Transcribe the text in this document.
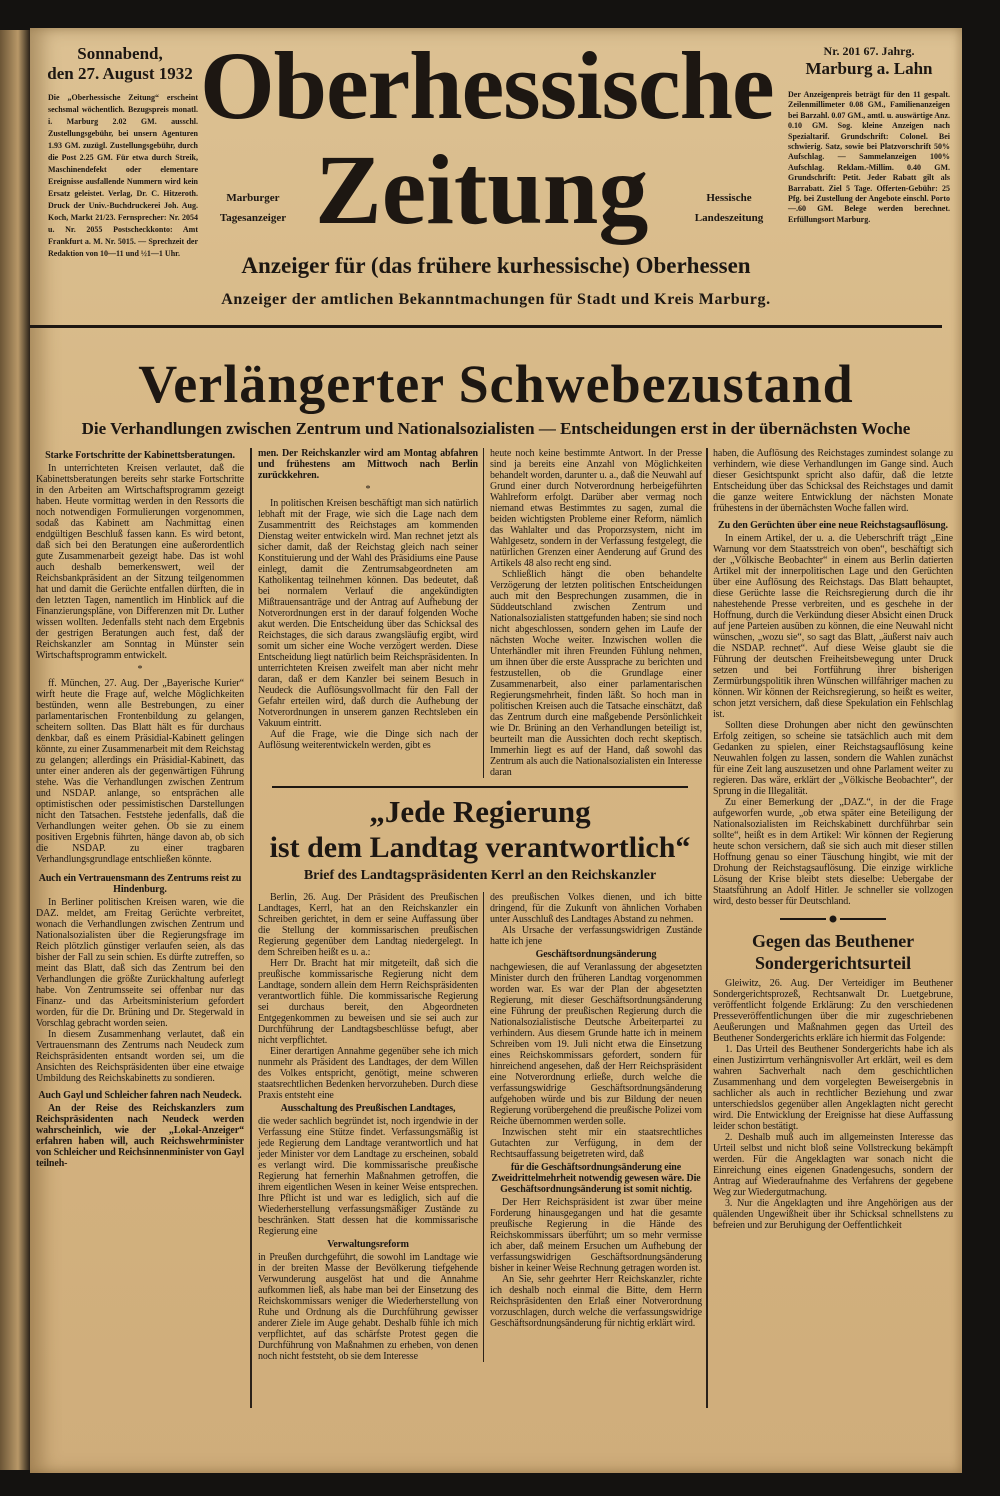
Sonnabend,
den 27. August 1932
Die „Oberhessische Zeitung“ erscheint sechsmal wöchentlich. Bezugspreis monatl. i. Marburg 2.02 GM. ausschl. Zustellungsgebühr, bei unsern Agenturen 1.93 GM. zuzügl. Zustellungsgebühr, durch die Post 2.25 GM. Für etwa durch Streik, Maschinendefekt oder elementare Ereignisse ausfallende Nummern wird kein Ersatz geleistet. Verlag, Dr. C. Hitzeroth. Druck der Univ.-Buchdruckerei Joh. Aug. Koch, Markt 21/23. Fernsprecher: Nr. 2054 u. Nr. 2055 Postscheckkonto: Amt Frankfurt a. M. Nr. 5015. — Sprechzeit der Redaktion von 10—11 und ½1—1 Uhr.
Oberhessische
Zeitung
Marburger
Tagesanzeiger
Hessische
Landeszeitung
Nr. 201 67. Jahrg.
Marburg a. Lahn
Der Anzeigenpreis beträgt für den 11 gespalt. Zeilenmillimeter 0.08 GM., Familienanzeigen bei Barzahl. 0.07 GM., amtl. u. auswärtige Anz. 0.10 GM. Sog. kleine Anzeigen nach Spezialtarif. Grundschrift: Colonel. Bei schwierig. Satz, sowie bei Platzvorschrift 50% Aufschlag. — Sammelanzeigen 100% Aufschlag. Reklam.-Millim. 0.40 GM. Grundschrift: Petit. Jeder Rabatt gilt als Barrabatt. Ziel 5 Tage. Offerten-Gebühr: 25 Pfg. bei Zustellung der Angebote einschl. Porto —.60 GM. Belege werden berechnet. Erfüllungsort Marburg.
Anzeiger für (das frühere kurhessische) Oberhessen
Anzeiger der amtlichen Bekanntmachungen für Stadt und Kreis Marburg.
Verlängerter Schwebezustand
Die Verhandlungen zwischen Zentrum und Nationalsozialisten — Entscheidungen erst in der übernächsten Woche
Starke Fortschritte der Kabinettsberatungen.

In unterrichteten Kreisen verlautet, daß die Kabinettsberatungen bereits sehr starke Fortschritte in den Arbeiten am Wirtschaftsprogramm gezeigt haben. Heute vormittag werden in den Ressorts die noch notwendigen Formulierungen vorgenommen, sodaß das Kabinett am Nachmittag einen endgültigen Beschluß fassen kann. Es wird betont, daß sich bei den Beratungen eine außerordentlich gute Zusammenarbeit gezeigt habe. Das ist wohl auch deshalb bemerkenswert, weil der Reichsbankpräsident an der Sitzung teilgenommen hat und damit die Gerüchte entfallen dürften, die in den letzten Tagen, namentlich im Hinblick auf die Finanzierungspläne, von Differenzen mit Dr. Luther wissen wollten. Jedenfalls steht nach dem Ergebnis der gestrigen Beratungen auch fest, daß der Reichskanzler am Sonntag in Münster sein Wirtschaftsprogramm entwickelt.

*

ff. München, 27. Aug. Der „Bayerische Kurier“ wirft heute die Frage auf, welche Möglichkeiten bestünden, wenn alle Bestrebungen, zu einer parlamentarischen Frontenbildung zu gelangen, scheitern sollten. Das Blatt hält es für durchaus denkbar, daß es einem Präsidial-Kabinett gelingen könnte, zu einer Zusammenarbeit mit dem Reichstag zu gelangen; allerdings ein Präsidial-Kabinett, das unter einer anderen als der gegenwärtigen Führung stehe. Was die Verhandlungen zwischen Zentrum und NSDAP. anlange, so entsprächen alle optimistischen oder pessimistischen Darstellungen nicht den Tatsachen. Feststehe jedenfalls, daß die Verhandlungen weiter gehen. Ob sie zu einem positiven Ergebnis führten, hänge davon ab, ob sich die NSDAP. zu einer tragbaren Verhandlungsgrundlage entschließen könnte.

Auch ein Vertrauensmann des Zentrums reist zu Hindenburg.

In Berliner politischen Kreisen waren, wie die DAZ. meldet, am Freitag Gerüchte verbreitet, wonach die Verhandlungen zwischen Zentrum und Nationalsozialisten über die Regierungsfrage im Reich plötzlich günstiger verlaufen seien, als das bisher der Fall zu sein schien. Es dürfte zutreffen, so meint das Blatt, daß sich das Zentrum bei den Verhandlungen die größte Zurückhaltung auferlegt habe. Von Zentrumsseite sei offenbar nur das Finanz- und das Arbeitsministerium gefordert worden, für die Dr. Brüning und Dr. Stegerwald in Vorschlag gebracht worden seien.

In diesem Zusammenhang verlautet, daß ein Vertrauensmann des Zentrums nach Neudeck zum Reichspräsidenten entsandt worden sei, um die Ansichten des Reichspräsidenten über eine etwaige Umbildung des Reichskabinetts zu sondieren.

Auch Gayl und Schleicher fahren nach Neudeck.

An der Reise des Reichskanzlers zum Reichspräsidenten nach Neudeck werden wahrscheinlich, wie der „Lokal-Anzeiger“ erfahren haben will, auch Reichswehrminister von Schleicher und Reichsinnenminister von Gayl teilneh-

men. Der Reichskanzler wird am Montag abfahren und frühestens am Mittwoch nach Berlin zurückkehren.

*

In politischen Kreisen beschäftigt man sich natürlich lebhaft mit der Frage, wie sich die Lage nach dem Zusammentritt des Reichstages am kommenden Dienstag weiter entwickeln wird. Man rechnet jetzt als sicher damit, daß der Reichstag gleich nach seiner Konstituierung und der Wahl des Präsidiums eine Pause einlegt, damit die Zentrumsabgeordneten am Katholikentag teilnehmen können. Das bedeutet, daß bei normalem Verlauf die angekündigten Mißtrauensanträge und der Antrag auf Aufhebung der Notverordnungen erst in der darauf folgenden Woche akut werden. Die Entscheidung über das Schicksal des Reichstages, die sich daraus zwangsläufig ergibt, wird somit um sicher eine Woche verzögert werden. Diese Entscheidung liegt natürlich beim Reichspräsidenten. In unterrichteten Kreisen zweifelt man aber nicht mehr daran, daß er dem Kanzler bei seinem Besuch in Neudeck die Auflösungsvollmacht für den Fall der Gefahr erteilen wird, daß durch die Aufhebung der Notverordnungen in unserem ganzen Rechtsleben ein Vakuum eintritt.

Auf die Frage, wie die Dinge sich nach der Auflösung weiterentwickeln werden, gibt es

heute noch keine bestimmte Antwort. In der Presse sind ja bereits eine Anzahl von Möglichkeiten behandelt worden, darunter u. a., daß die Neuwahl auf Grund einer durch Notverordnung herbeigeführten Wahlreform erfolgt. Darüber aber vermag noch niemand etwas Bestimmtes zu sagen, zumal die beiden wichtigsten Probleme einer Reform, nämlich das Wahlalter und das Proporzsystem, nicht im Wahlgesetz, sondern in der Verfassung festgelegt, die natürlichen Grenzen einer Aenderung auf Grund des Artikels 48 also recht eng sind.

Schließlich hängt die oben behandelte Verzögerung der letzten politischen Entscheidungen auch mit den Besprechungen zusammen, die in Süddeutschland zwischen Zentrum und Nationalsozialisten stattgefunden haben; sie sind noch nicht abgeschlossen, sondern gehen im Laufe der nächsten Woche weiter. Inzwischen wollen die Unterhändler mit ihren Freunden Fühlung nehmen, um ihnen über die erste Aussprache zu berichten und festzustellen, ob die Grundlage einer Zusammenarbeit, also einer parlamentarischen Regierungsmehrheit, finden läßt. So hoch man in politischen Kreisen auch die Tatsache einschätzt, daß das Zentrum durch eine maßgebende Persönlichkeit wie Dr. Brüning an den Verhandlungen beteiligt ist, beurteilt man die Aussichten doch recht skeptisch. Immerhin liegt es auf der Hand, daß sowohl das Zentrum als auch die Nationalsozialisten ein Interesse daran

„Jede Regierung
ist dem Landtag verantwortlich“
Brief des Landtagspräsidenten Kerrl an den Reichskanzler

Berlin, 26. Aug. Der Präsident des Preußischen Landtages, Kerrl, hat an den Reichskanzler ein Schreiben gerichtet, in dem er seine Auffassung über die Stellung der kommissarischen preußischen Regierung gegenüber dem Landtag niedergelegt. In dem Schreiben heißt es u. a.:

Herr Dr. Bracht hat mir mitgeteilt, daß sich die preußische kommissarische Regierung nicht dem Landtage, sondern allein dem Herrn Reichspräsidenten verantwortlich fühle. Die kommissarische Regierung sei durchaus bereit, den Abgeordneten Entgegenkommen zu beweisen und sie sei auch zur Durchführung der Landtagsbeschlüsse befugt, aber nicht verpflichtet.

Einer derartigen Annahme gegenüber sehe ich mich nunmehr als Präsident des Landtages, der dem Willen des Volkes entspricht, genötigt, meine schweren staatsrechtlichen Bedenken hervorzuheben. Durch diese Praxis entsteht eine

Ausschaltung des Preußischen Landtages,

die weder sachlich begründet ist, noch irgendwie in der Verfassung eine Stütze findet. Verfassungsmäßig ist jede Regierung dem Landtage verantwortlich und hat jeder Minister vor dem Landtage zu erscheinen, sobald es verlangt wird. Die kommissarische preußische Regierung hat fernerhin Maßnahmen getroffen, die ihrem eigentlichen Wesen in keiner Weise entsprechen. Ihre Pflicht ist und war es lediglich, sich auf die Wiederherstellung verfassungsmäßiger Zustände zu beschränken. Statt dessen hat die kommissarische Regierung eine

Verwaltungsreform

in Preußen durchgeführt, die sowohl im Landtage wie in der breiten Masse der Bevölkerung tiefgehende Verwunderung ausgelöst hat und die Annahme aufkommen ließ, als habe man bei der Einsetzung des Reichskommissars weniger die Wiederherstellung von Ruhe und Ordnung als die Durchführung gewisser anderer Ziele im Auge gehabt. Deshalb fühle ich mich verpflichtet, auf das schärfste Protest gegen die Durchführung von Maßnahmen zu erheben, von denen noch nicht feststeht, ob sie dem Interesse

des preußischen Volkes dienen, und ich bitte dringend, für die Zukunft von ähnlichen Vorhaben unter Ausschluß des Landtages Abstand zu nehmen.

Als Ursache der verfassungswidrigen Zustände hatte ich jene

Geschäftsordnungsänderung

nachgewiesen, die auf Veranlassung der abgesetzten Minister durch den früheren Landtag vorgenommen worden war. Es war der Plan der abgesetzten Regierung, mit dieser Geschäftsordnungsänderung eine Führung der preußischen Regierung durch die Nationalsozialistische Deutsche Arbeiterpartei zu verhindern. Aus diesem Grunde hatte ich in meinem Schreiben vom 19. Juli nicht etwa die Einsetzung eines Reichskommissars gefordert, sondern für hinreichend angesehen, daß der Herr Reichspräsident eine Notverordnung erließe, durch welche die verfassungswidrige Geschäftsordnungsänderung aufgehoben würde und bis zur Bildung der neuen Regierung vorübergehend die preußische Polizei vom Reiche übernommen werden solle.

Inzwischen steht mir ein staatsrechtliches Gutachten zur Verfügung, in dem der Rechtsauffassung beigetreten wird, daß

für die Geschäftsordnungsänderung eine Zweidrittelmehrheit notwendig gewesen wäre. Die Geschäftsordnungsänderung ist somit nichtig.

Der Herr Reichspräsident ist zwar über meine Forderung hinausgegangen und hat die gesamte preußische Regierung in die Hände des Reichskommissars überführt; um so mehr vermisse ich aber, daß meinem Ersuchen um Aufhebung der verfassungswidrigen Geschäftsordnungsänderung bisher in keiner Weise Rechnung getragen worden ist.

An Sie, sehr geehrter Herr Reichskanzler, richte ich deshalb noch einmal die Bitte, dem Herrn Reichspräsidenten den Erlaß einer Notverordnung vorzuschlagen, durch welche die verfassungswidrige Geschäftsordnungsänderung für nichtig erklärt wird.

haben, die Auflösung des Reichstages zumindest solange zu verhindern, wie diese Verhandlungen im Gange sind. Auch dieser Gesichtspunkt spricht also dafür, daß die letzte Entscheidung über das Schicksal des Reichstages und damit die ganze weitere Entwicklung der nächsten Monate frühestens in der übernächsten Woche fallen wird.

Zu den Gerüchten über eine neue Reichstagsauflösung.

In einem Artikel, der u. a. die Ueberschrift trägt „Eine Warnung vor dem Staatsstreich von oben“, beschäftigt sich der „Völkische Beobachter“ in einem aus Berlin datierten Artikel mit der innerpolitischen Lage und den Gerüchten über eine Auflösung des Reichstags. Das Blatt behauptet, diese Gerüchte lasse die Reichsregierung durch die ihr nahestehende Presse verbreiten, und es geschehe in der Hoffnung, durch die Verkündung dieser Absicht einen Druck auf jene Parteien ausüben zu können, die eine Neuwahl nicht wünschen, „wozu sie“, so sagt das Blatt, „äußerst naiv auch die NSDAP. rechnet“. Auf diese Weise glaubt sie die Führung der deutschen Freiheitsbewegung unter Druck setzen und bei Fortführung ihrer bisherigen Zermürbungspolitik ihren Wünschen willfähriger machen zu können. Wir können der Reichsregierung, so heißt es weiter, schon jetzt versichern, daß diese Spekulation ein Fehlschlag ist.

Sollten diese Drohungen aber nicht den gewünschten Erfolg zeitigen, so scheine sie tatsächlich auch mit dem Gedanken zu spielen, einer Reichstagsauflösung keine Neuwahlen folgen zu lassen, sondern die Wahlen zunächst für eine Zeit lang auszusetzen und ohne Parlament weiter zu regieren. Das wäre, erklärt der „Völkische Beobachter“, der Sprung in die Illegalität.

Zu einer Bemerkung der „DAZ.“, in der die Frage aufgeworfen wurde, „ob etwa später eine Beteiligung der Nationalsozialisten im Reichskabinett durchführbar sein sollte“, heißt es in dem Artikel: Wir können der Regierung heute schon versichern, daß sie sich auch mit dieser stillen Hoffnung genau so einer Täuschung hingibt, wie mit der Drohung der Reichstagsauflösung. Die einzige wirkliche Lösung der Krise bleibt stets dieselbe: Uebergabe der Staatsführung an Adolf Hitler. Je schneller sie vollzogen wird, desto besser für Deutschland.

Gegen das Beuthener
Sondergerichtsurteil

Gleiwitz, 26. Aug. Der Verteidiger im Beuthener Sondergerichtsprozeß, Rechtsanwalt Dr. Luetgebrune, veröffentlicht folgende Erklärung: Zu den verschiedenen Presseveröffentlichungen über die mir zugeschriebenen Aeußerungen und Maßnahmen gegen das Urteil des Beuthener Sondergerichts erkläre ich hiermit das Folgende:

1. Das Urteil des Beuthener Sondergerichts habe ich als einen Justizirrtum verhängnisvoller Art erklärt, weil es dem wahren Sachverhalt nach dem geschichtlichen Zusammenhang und dem vorgelegten Beweisergebnis in sachlicher als auch in rechtlicher Beziehung und zwar unterschiedslos gegenüber allen Angeklagten nicht gerecht wird. Die Entwicklung der Ereignisse hat diese Auffassung leider schon bestätigt.

2. Deshalb muß auch im allgemeinsten Interesse das Urteil selbst und nicht bloß seine Vollstreckung bekämpft werden. Für die Angeklagten war sonach nicht die Einreichung eines eigenen Gnadengesuchs, sondern der Antrag auf Wiederaufnahme des Verfahrens der gegebene Weg zur Wiedergutmachung.

3. Nur die Angeklagten und ihre Angehörigen aus der quälenden Ungewißheit über ihr Schicksal schnellstens zu befreien und zur Beruhigung der Oeffentlichkeit
